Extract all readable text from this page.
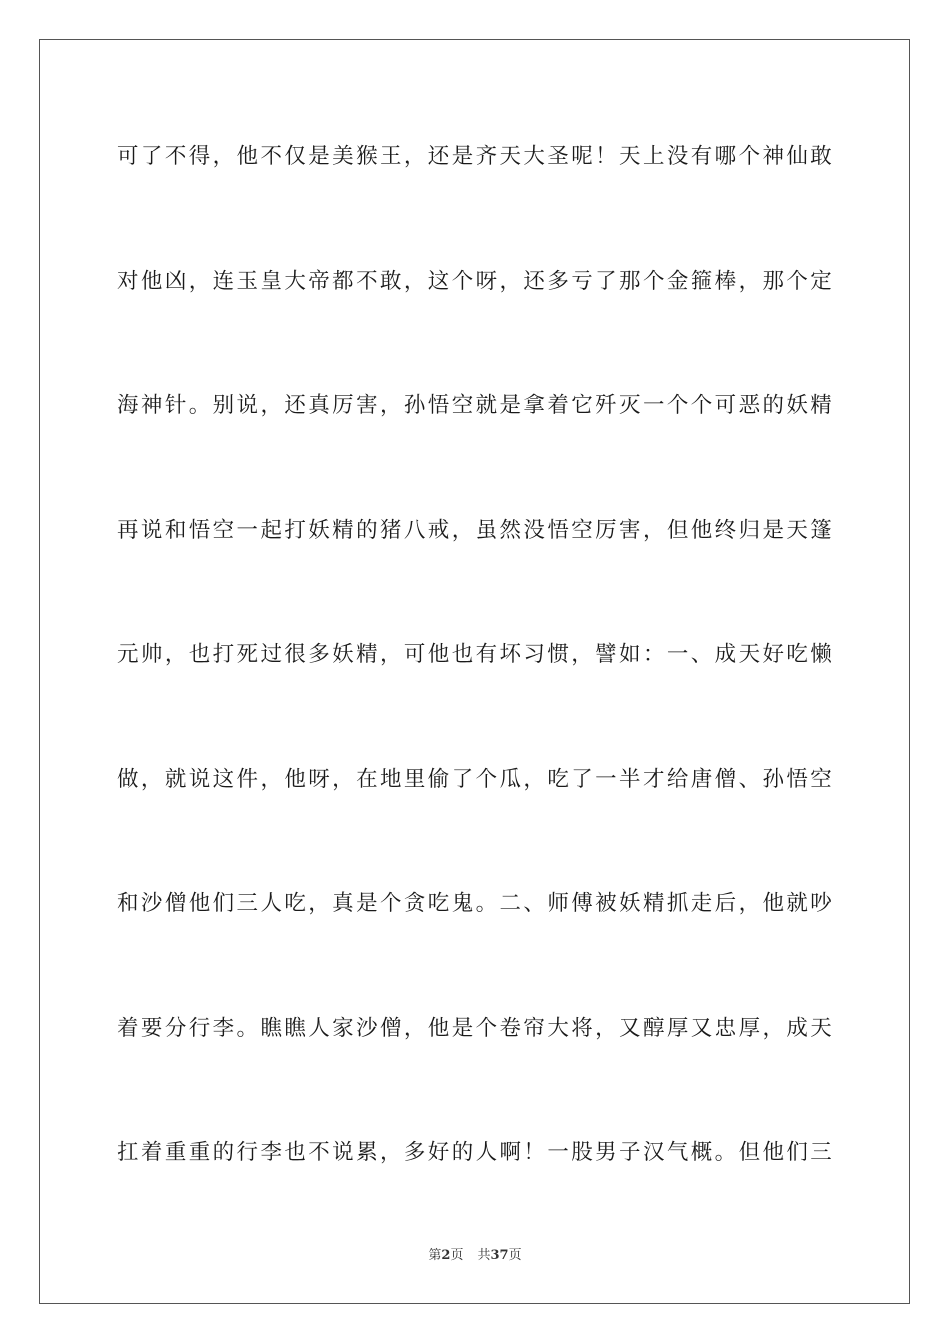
可了不得，他不仅是美猴王，还是齐天大圣呢！天上没有哪个神仙敢
对他凶，连玉皇大帝都不敢，这个呀，还多亏了那个金箍棒，那个定
海神针。别说，还真厉害，孙悟空就是拿着它歼灭一个个可恶的妖精
再说和悟空一起打妖精的猪八戒，虽然没悟空厉害，但他终归是天篷
元帅，也打死过很多妖精，可他也有坏习惯，譬如：一、成天好吃懒
做，就说这件，他呀，在地里偷了个瓜，吃了一半才给唐僧、孙悟空
和沙僧他们三人吃，真是个贪吃鬼。二、师傅被妖精抓走后，他就吵
着要分行李。瞧瞧人家沙僧，他是个卷帘大将，又醇厚又忠厚，成天
扛着重重的行李也不说累，多好的人啊！一股男子汉气概。但他们三
第2页 共37页
